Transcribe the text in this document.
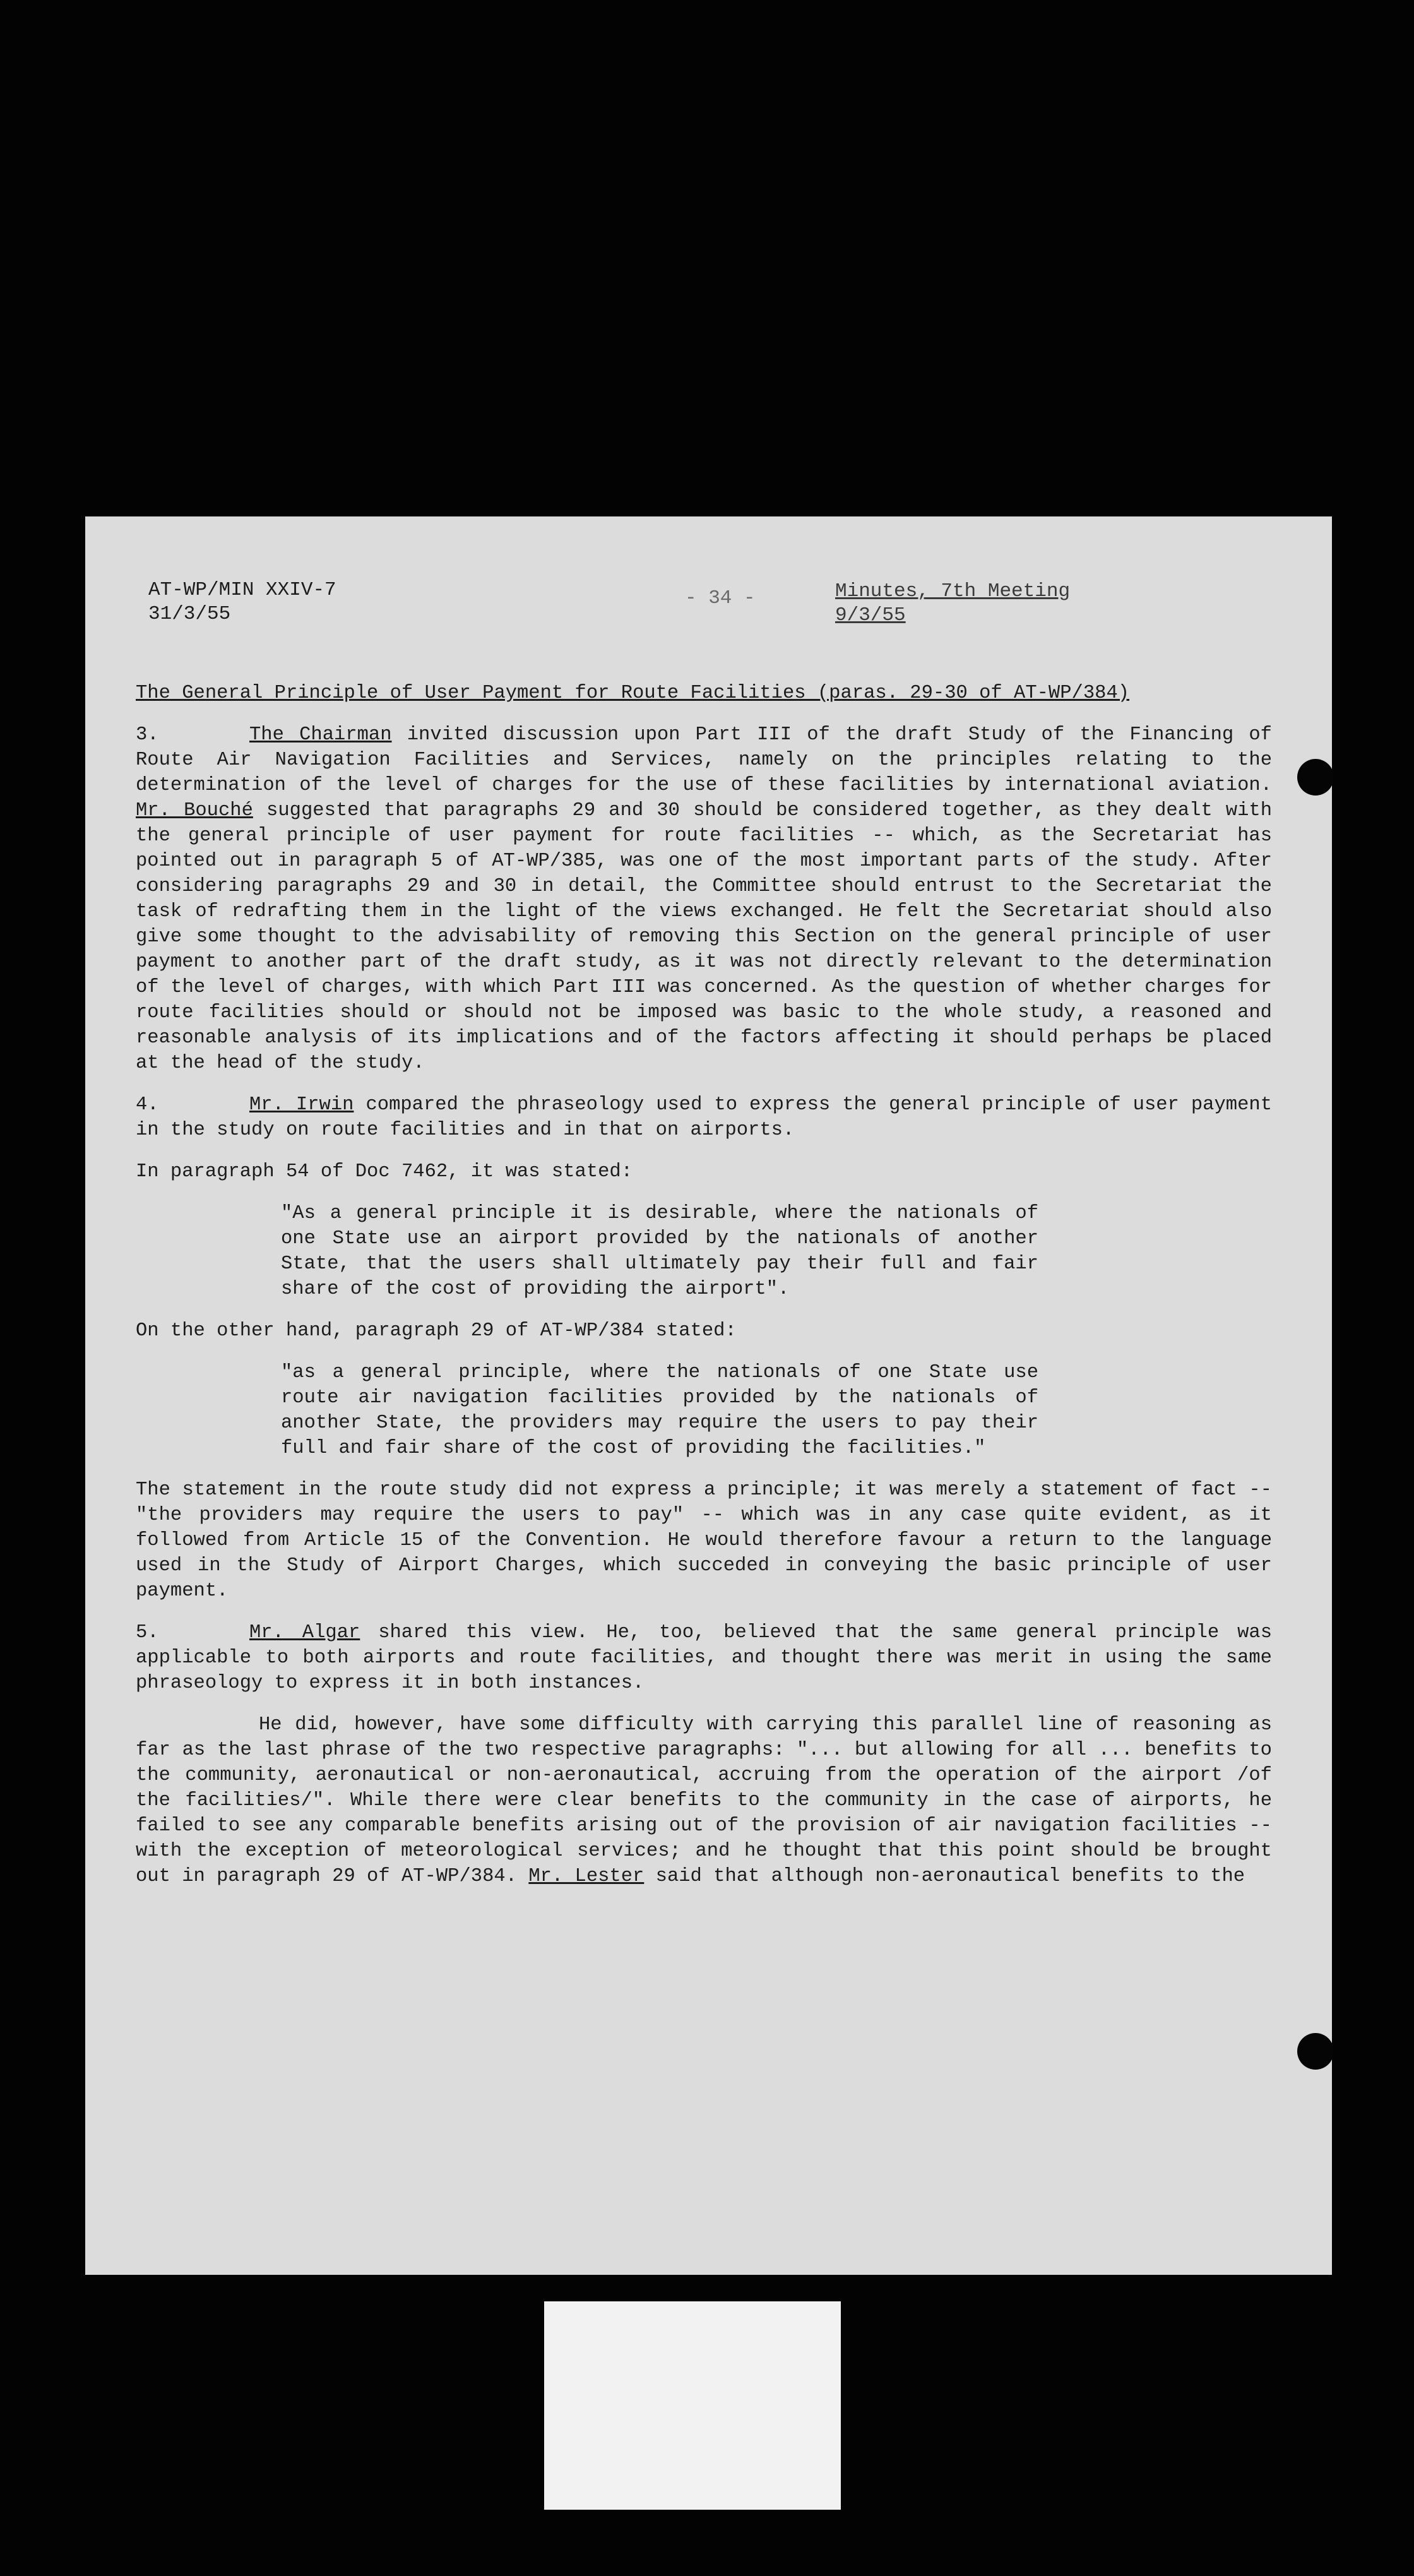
AT-WP/MIN XXIV-7
31/3/55
- 34 -	Minutes, 7th Meeting
9/3/55
The General Principle of User Payment for Route Facilities (paras. 29-30 of AT-WP/384)

3.	The Chairman invited discussion upon Part III of the draft Study of the Financing of Route Air Navigation Facilities and Services, namely on the principles relating to the determination of the level of charges for the use of these facilities by international aviation. Mr. Bouché suggested that paragraphs 29 and 30 should be considered together, as they dealt with the general principle of user payment for route facilities -- which, as the Secretariat has pointed out in paragraph 5 of AT-WP/385, was one of the most important parts of the study. After considering paragraphs 29 and 30 in detail, the Committee should entrust to the Secretariat the task of redrafting them in the light of the views exchanged. He felt the Secretariat should also give some thought to the advisability of removing this Section on the general principle of user payment to another part of the draft study, as it was not directly relevant to the determination of the level of charges, with which Part III was concerned. As the question of whether charges for route facilities should or should not be imposed was basic to the whole study, a reasoned and reasonable analysis of its implications and of the factors affecting it should perhaps be placed at the head of the study.

4.	Mr. Irwin compared the phraseology used to express the general principle of user payment in the study on route facilities and in that on airports.

In paragraph 54 of Doc 7462, it was stated:

"As a general principle it is desirable, where the nationals of one State use an airport provided by the nationals of another State, that the users shall ultimately pay their full and fair share of the cost of providing the airport".

On the other hand, paragraph 29 of AT-WP/384 stated:

"as a general principle, where the nationals of one State use route air navigation facilities provided by the nationals of another State, the providers may require the users to pay their full and fair share of the cost of providing the facilities."

The statement in the route study did not express a principle; it was merely a statement of fact -- "the providers may require the users to pay" -- which was in any case quite evident, as it followed from Article 15 of the Convention. He would therefore favour a return to the language used in the Study of Airport Charges, which succeded in conveying the basic principle of user payment.

5.	Mr. Algar shared this view. He, too, believed that the same general principle was applicable to both airports and route facilities, and thought there was merit in using the same phraseology to express it in both instances.

He did, however, have some difficulty with carrying this parallel line of reasoning as far as the last phrase of the two respective paragraphs: "... but allowing for all ... benefits to the community, aeronautical or non-aeronautical, accruing from the operation of the airport /of the facilities/". While there were clear benefits to the community in the case of airports, he failed to see any comparable benefits arising out of the provision of air navigation facilities -- with the exception of meteorological services; and he thought that this point should be brought out in paragraph 29 of AT-WP/384. Mr. Lester said that although non-aeronautical benefits to the
